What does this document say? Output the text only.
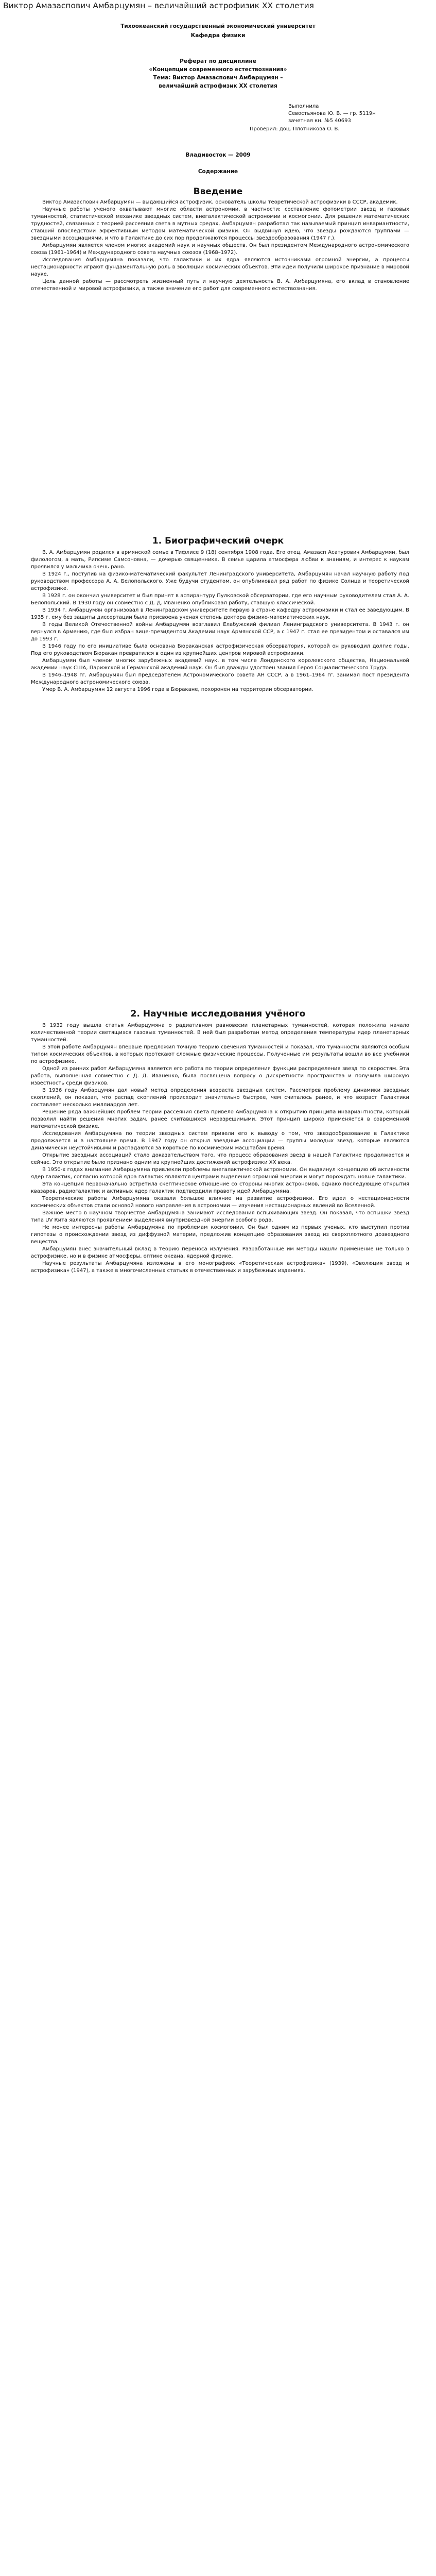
Виктор Амазаспович Амбарцумян – величайший астрофизик ХХ столетия
Тихоокеанский государственный экономический университет
Кафедра физики
Реферат по дисциплине
«Концепции современного естествознания»
Тема: Виктор Амазаспович Амбарцумян –
величайший астрофизик ХХ столетия
Выполнила
Севостьянова Ю. В. — гр. 5119н
зачетная кн. №5 40693
Проверил: доц. Плотникова О. В.
Владивосток — 2009
Содержание
Введение

Виктор Амазаспович Амбарцумян — выдающийся астрофизик, основатель школы теоретической астрофизики в СССР, академик.

Научные работы ученого охватывают многие области астрономии, в частности: составление фотометрии звезд и газовых туманностей, статистической механике звездных систем, внегалактической астрономии и космогонии. Для решения математических трудностей, связанных с теорией рассеяния света в мутных средах, Амбарцумян разработал так называемый принцип инвариантности, ставший впоследствии эффективным методом математической физики. Он выдвинул идею, что звезды рождаются группами — звездными ассоциациями, и что в Галактике до сих пор продолжаются процессы звездообразования (1947 г.).

Амбарцумян является членом многих академий наук и научных обществ. Он был президентом Международного астрономического союза (1961–1964) и Международного совета научных союзов (1968–1972).

Исследования Амбарцумяна показали, что галактики и их ядра являются источниками огромной энергии, а процессы нестационарности играют фундаментальную роль в эволюции космических объектов. Эти идеи получили широкое признание в мировой науке.

Цель данной работы — рассмотреть жизненный путь и научную деятельность В. А. Амбарцумяна, его вклад в становление отечественной и мировой астрофизики, а также значение его работ для современного естествознания.

1. Биографический очерк

В. А. Амбарцумян родился в армянской семье в Тифлисе 9 (18) сентября 1908 года. Его отец, Амазасп Асатурович Амбарцумян, был филологом, а мать, Рипсиме Самсоновна, — дочерью священника. В семье царила атмосфера любви к знаниям, и интерес к наукам проявился у мальчика очень рано.

В 1924 г., поступив на физико-математический факультет Ленинградского университета, Амбарцумян начал научную работу под руководством профессора А. А. Белопольского. Уже будучи студентом, он опубликовал ряд работ по физике Солнца и теоретической астрофизике.

В 1928 г. он окончил университет и был принят в аспирантуру Пулковской обсерватории, где его научным руководителем стал А. А. Белопольский. В 1930 году он совместно с Д. Д. Иваненко опубликовал работу, ставшую классической.

В 1934 г. Амбарцумян организовал в Ленинградском университете первую в стране кафедру астрофизики и стал ее заведующим. В 1935 г. ему без защиты диссертации была присвоена ученая степень доктора физико-математических наук.

В годы Великой Отечественной войны Амбарцумян возглавил Елабужский филиал Ленинградского университета. В 1943 г. он вернулся в Армению, где был избран вице-президентом Академии наук Армянской ССР, а с 1947 г. стал ее президентом и оставался им до 1993 г.

В 1946 году по его инициативе была основана Бюраканская астрофизическая обсерватория, которой он руководил долгие годы. Под его руководством Бюракан превратился в один из крупнейших центров мировой астрофизики.

Амбарцумян был членом многих зарубежных академий наук, в том числе Лондонского королевского общества, Национальной академии наук США, Парижской и Германской академий наук. Он был дважды удостоен звания Героя Социалистического Труда.

В 1946–1948 гг. Амбарцумян был председателем Астрономического совета АН СССР, а в 1961–1964 гг. занимал пост президента Международного астрономического союза.

Умер В. А. Амбарцумян 12 августа 1996 года в Бюракане, похоронен на территории обсерватории.

2. Научные исследования учёного

В 1932 году вышла статья Амбарцумяна о радиативном равновесии планетарных туманностей, которая положила начало количественной теории светящихся газовых туманностей. В ней был разработан метод определения температуры ядер планетарных туманностей.

В этой работе Амбарцумян впервые предложил точную теорию свечения туманностей и показал, что туманности являются особым типом космических объектов, в которых протекают сложные физические процессы. Полученные им результаты вошли во все учебники по астрофизике.

Одной из ранних работ Амбарцумяна является его работа по теории определения функции распределения звезд по скоростям. Эта работа, выполненная совместно с Д. Д. Иваненко, была посвящена вопросу о дискретности пространства и получила широкую известность среди физиков.

В 1936 году Амбарцумян дал новый метод определения возраста звездных систем. Рассмотрев проблему динамики звездных скоплений, он показал, что распад скоплений происходит значительно быстрее, чем считалось ранее, и что возраст Галактики составляет несколько миллиардов лет.

Решение ряда важнейших проблем теории рассеяния света привело Амбарцумяна к открытию принципа инвариантности, который позволил найти решения многих задач, ранее считавшихся неразрешимыми. Этот принцип широко применяется в современной математической физике.

Исследования Амбарцумяна по теории звездных систем привели его к выводу о том, что звездообразование в Галактике продолжается и в настоящее время. В 1947 году он открыл звездные ассоциации — группы молодых звезд, которые являются динамически неустойчивыми и распадаются за короткое по космическим масштабам время.

Открытие звездных ассоциаций стало доказательством того, что процесс образования звезд в нашей Галактике продолжается и сейчас. Это открытие было признано одним из крупнейших достижений астрофизики ХХ века.

В 1950-х годах внимание Амбарцумяна привлекли проблемы внегалактической астрономии. Он выдвинул концепцию об активности ядер галактик, согласно которой ядра галактик являются центрами выделения огромной энергии и могут порождать новые галактики.

Эта концепция первоначально встретила скептическое отношение со стороны многих астрономов, однако последующие открытия квазаров, радиогалактик и активных ядер галактик подтвердили правоту идей Амбарцумяна.

Теоретические работы Амбарцумяна оказали большое влияние на развитие астрофизики. Его идеи о нестационарности космических объектов стали основой нового направления в астрономии — изучения нестационарных явлений во Вселенной.

Важное место в научном творчестве Амбарцумяна занимают исследования вспыхивающих звезд. Он показал, что вспышки звезд типа UV Кита являются проявлением выделения внутризвездной энергии особого рода.

Не менее интересны работы Амбарцумяна по проблемам космогонии. Он был одним из первых ученых, кто выступил против гипотезы о происхождении звезд из диффузной материи, предложив концепцию образования звезд из сверхплотного дозвездного вещества.

Амбарцумян внес значительный вклад в теорию переноса излучения. Разработанные им методы нашли применение не только в астрофизике, но и в физике атмосферы, оптике океана, ядерной физике.

Научные результаты Амбарцумяна изложены в его монографиях «Теоретическая астрофизика» (1939), «Эволюция звезд и астрофизика» (1947), а также в многочисленных статьях в отечественных и зарубежных изданиях.
